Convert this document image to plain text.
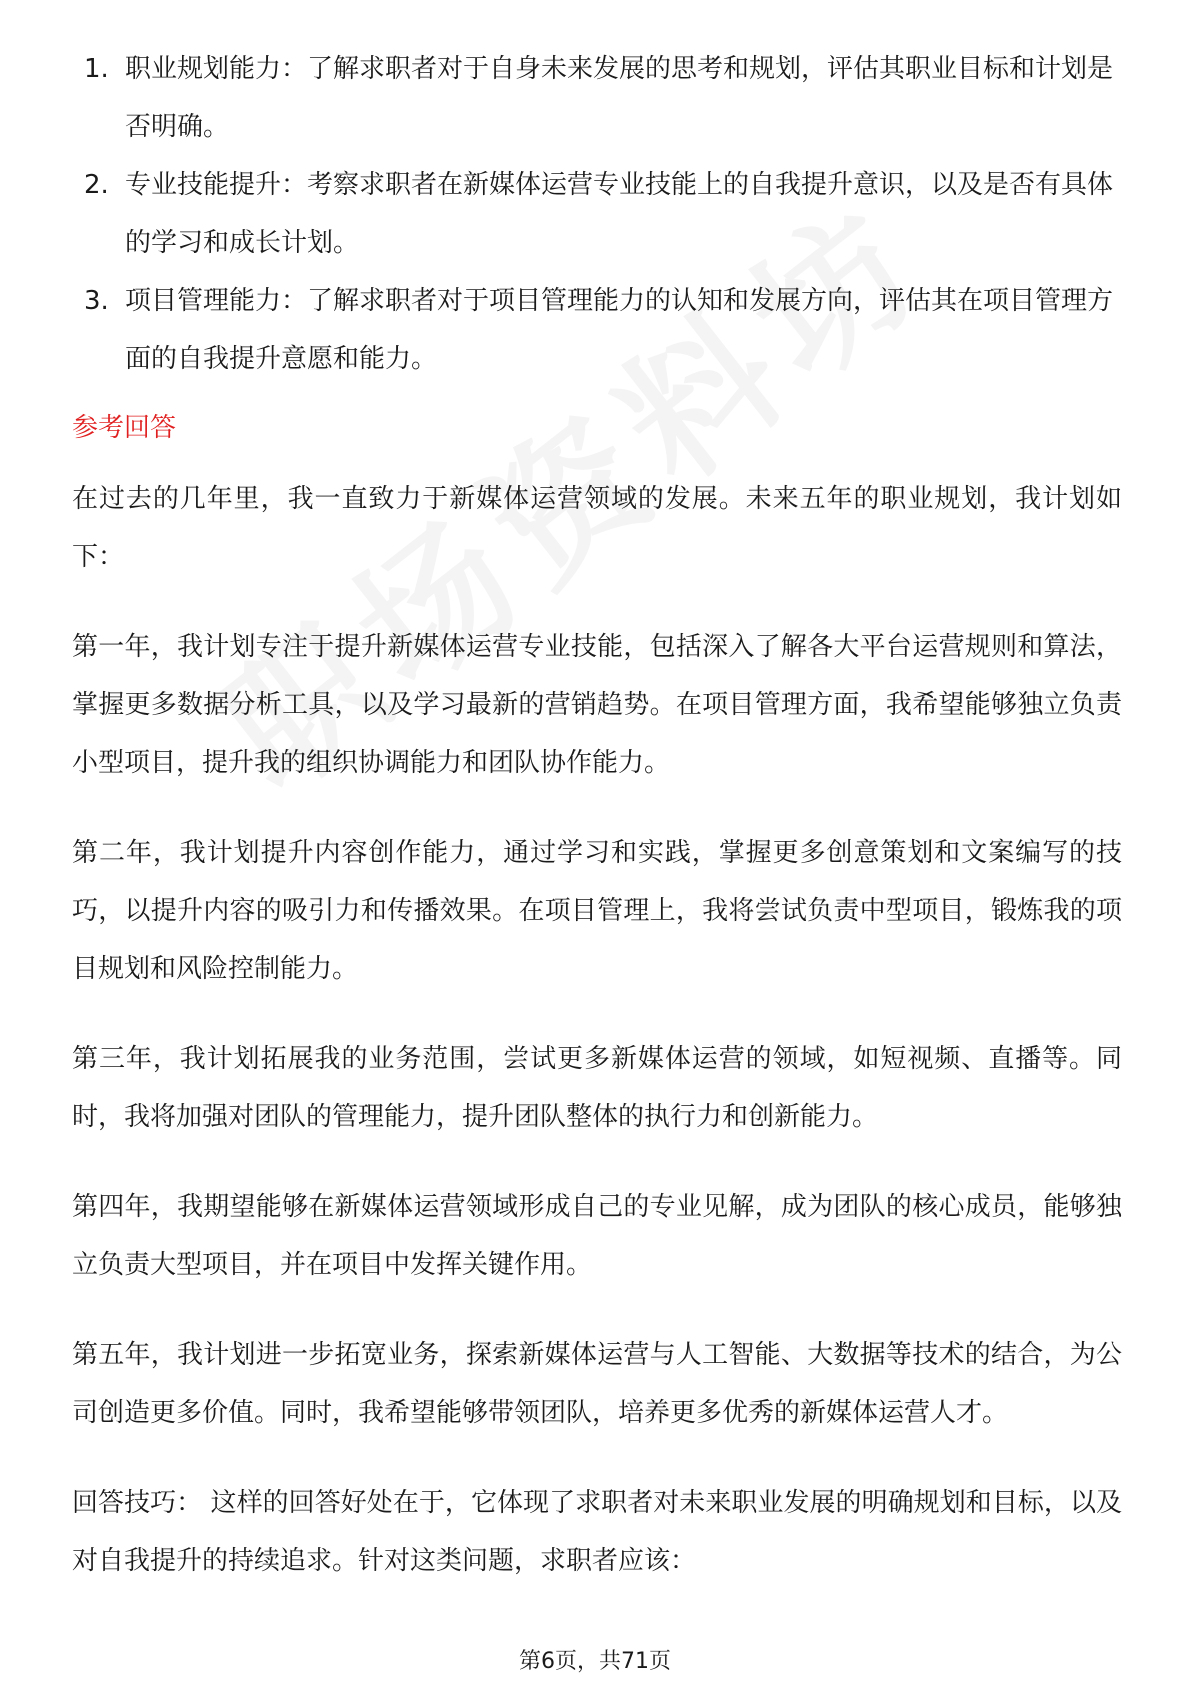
1. 职业规划能力：了解求职者对于自身未来发展的思考和规划，评估其职业目标和计划是否明确。
2. 专业技能提升：考察求职者在新媒体运营专业技能上的自我提升意识，以及是否有具体的学习和成长计划。
3. 项目管理能力：了解求职者对于项目管理能力的认知和发展方向，评估其在项目管理方面的自我提升意愿和能力。
参考回答

在过去的几年里，我一直致力于新媒体运营领域的发展。未来五年的职业规划，我计划如下：

第一年，我计划专注于提升新媒体运营专业技能，包括深入了解各大平台运营规则和算法，掌握更多数据分析工具，以及学习最新的营销趋势。在项目管理方面，我希望能够独立负责小型项目，提升我的组织协调能力和团队协作能力。

第二年，我计划提升内容创作能力，通过学习和实践，掌握更多创意策划和文案编写的技巧，以提升内容的吸引力和传播效果。在项目管理上，我将尝试负责中型项目，锻炼我的项目规划和风险控制能力。

第三年，我计划拓展我的业务范围，尝试更多新媒体运营的领域，如短视频、直播等。同时，我将加强对团队的管理能力，提升团队整体的执行力和创新能力。

第四年，我期望能够在新媒体运营领域形成自己的专业见解，成为团队的核心成员，能够独立负责大型项目，并在项目中发挥关键作用。

第五年，我计划进一步拓宽业务，探索新媒体运营与人工智能、大数据等技术的结合，为公司创造更多价值。同时，我希望能够带领团队，培养更多优秀的新媒体运营人才。

回答技巧： 这样的回答好处在于，它体现了求职者对未来职业发展的明确规划和目标，以及对自我提升的持续追求。针对这类问题，求职者应该：

第6页，共71页
